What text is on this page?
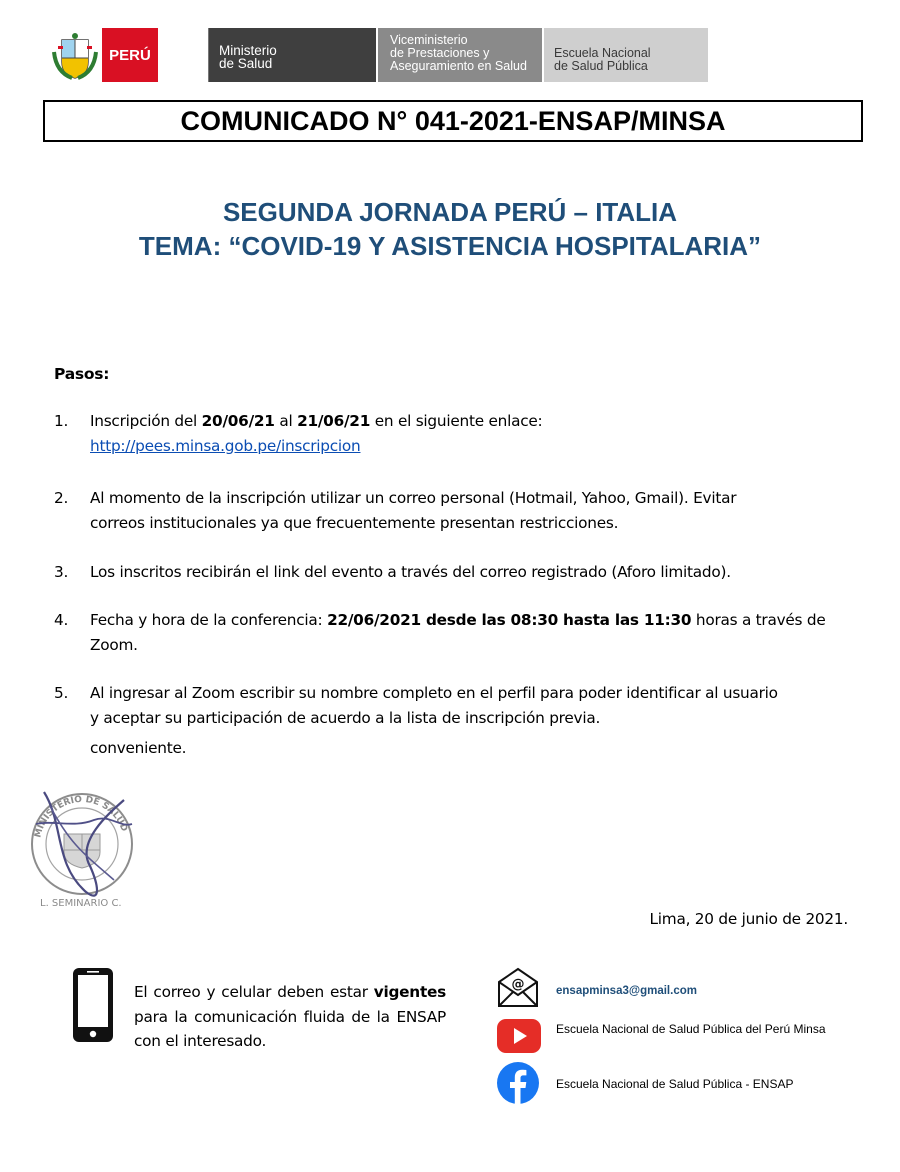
PERÚ	Ministerio
de Salud
Viceministerio
de Prestaciones y
Aseguramiento en Salud
Escuela Nacional
de Salud Pública
COMUNICADO N° 041-2021-ENSAP/MINSA
SEGUNDA JORNADA PERÚ – ITALIA
TEMA: “COVID-19 Y ASISTENCIA HOSPITALARIA”
Pasos:
1.	Inscripción del 20/06/21 al 21/06/21 en el siguiente enlace:
http://pees.minsa.gob.pe/inscripcion
2.	Al momento de la inscripción utilizar un correo personal (Hotmail, Yahoo, Gmail). Evitar
correos institucionales ya que frecuentemente presentan restricciones.
3.	Los inscritos recibirán el link del evento a través del correo registrado (Aforo limitado).
4.	Fecha y hora de la conferencia: 22/06/2021 desde las 08:30 hasta las 11:30 horas a través de
Zoom.
5.	Al ingresar al Zoom escribir su nombre completo en el perfil para poder identificar al usuario
y aceptar su participación de acuerdo a la lista de inscripción previa.
conveniente.
MINISTERIO DE SALUD
L. SEMINARIO C.
Lima, 20 de junio de 2021.
El correo y celular deben estar vigentes para la comunicación fluida de la ENSAP con el interesado.
@	ensapminsa3@gmail.com
Escuela Nacional de Salud Pública del Perú Minsa
Escuela Nacional de Salud Pública - ENSAP
